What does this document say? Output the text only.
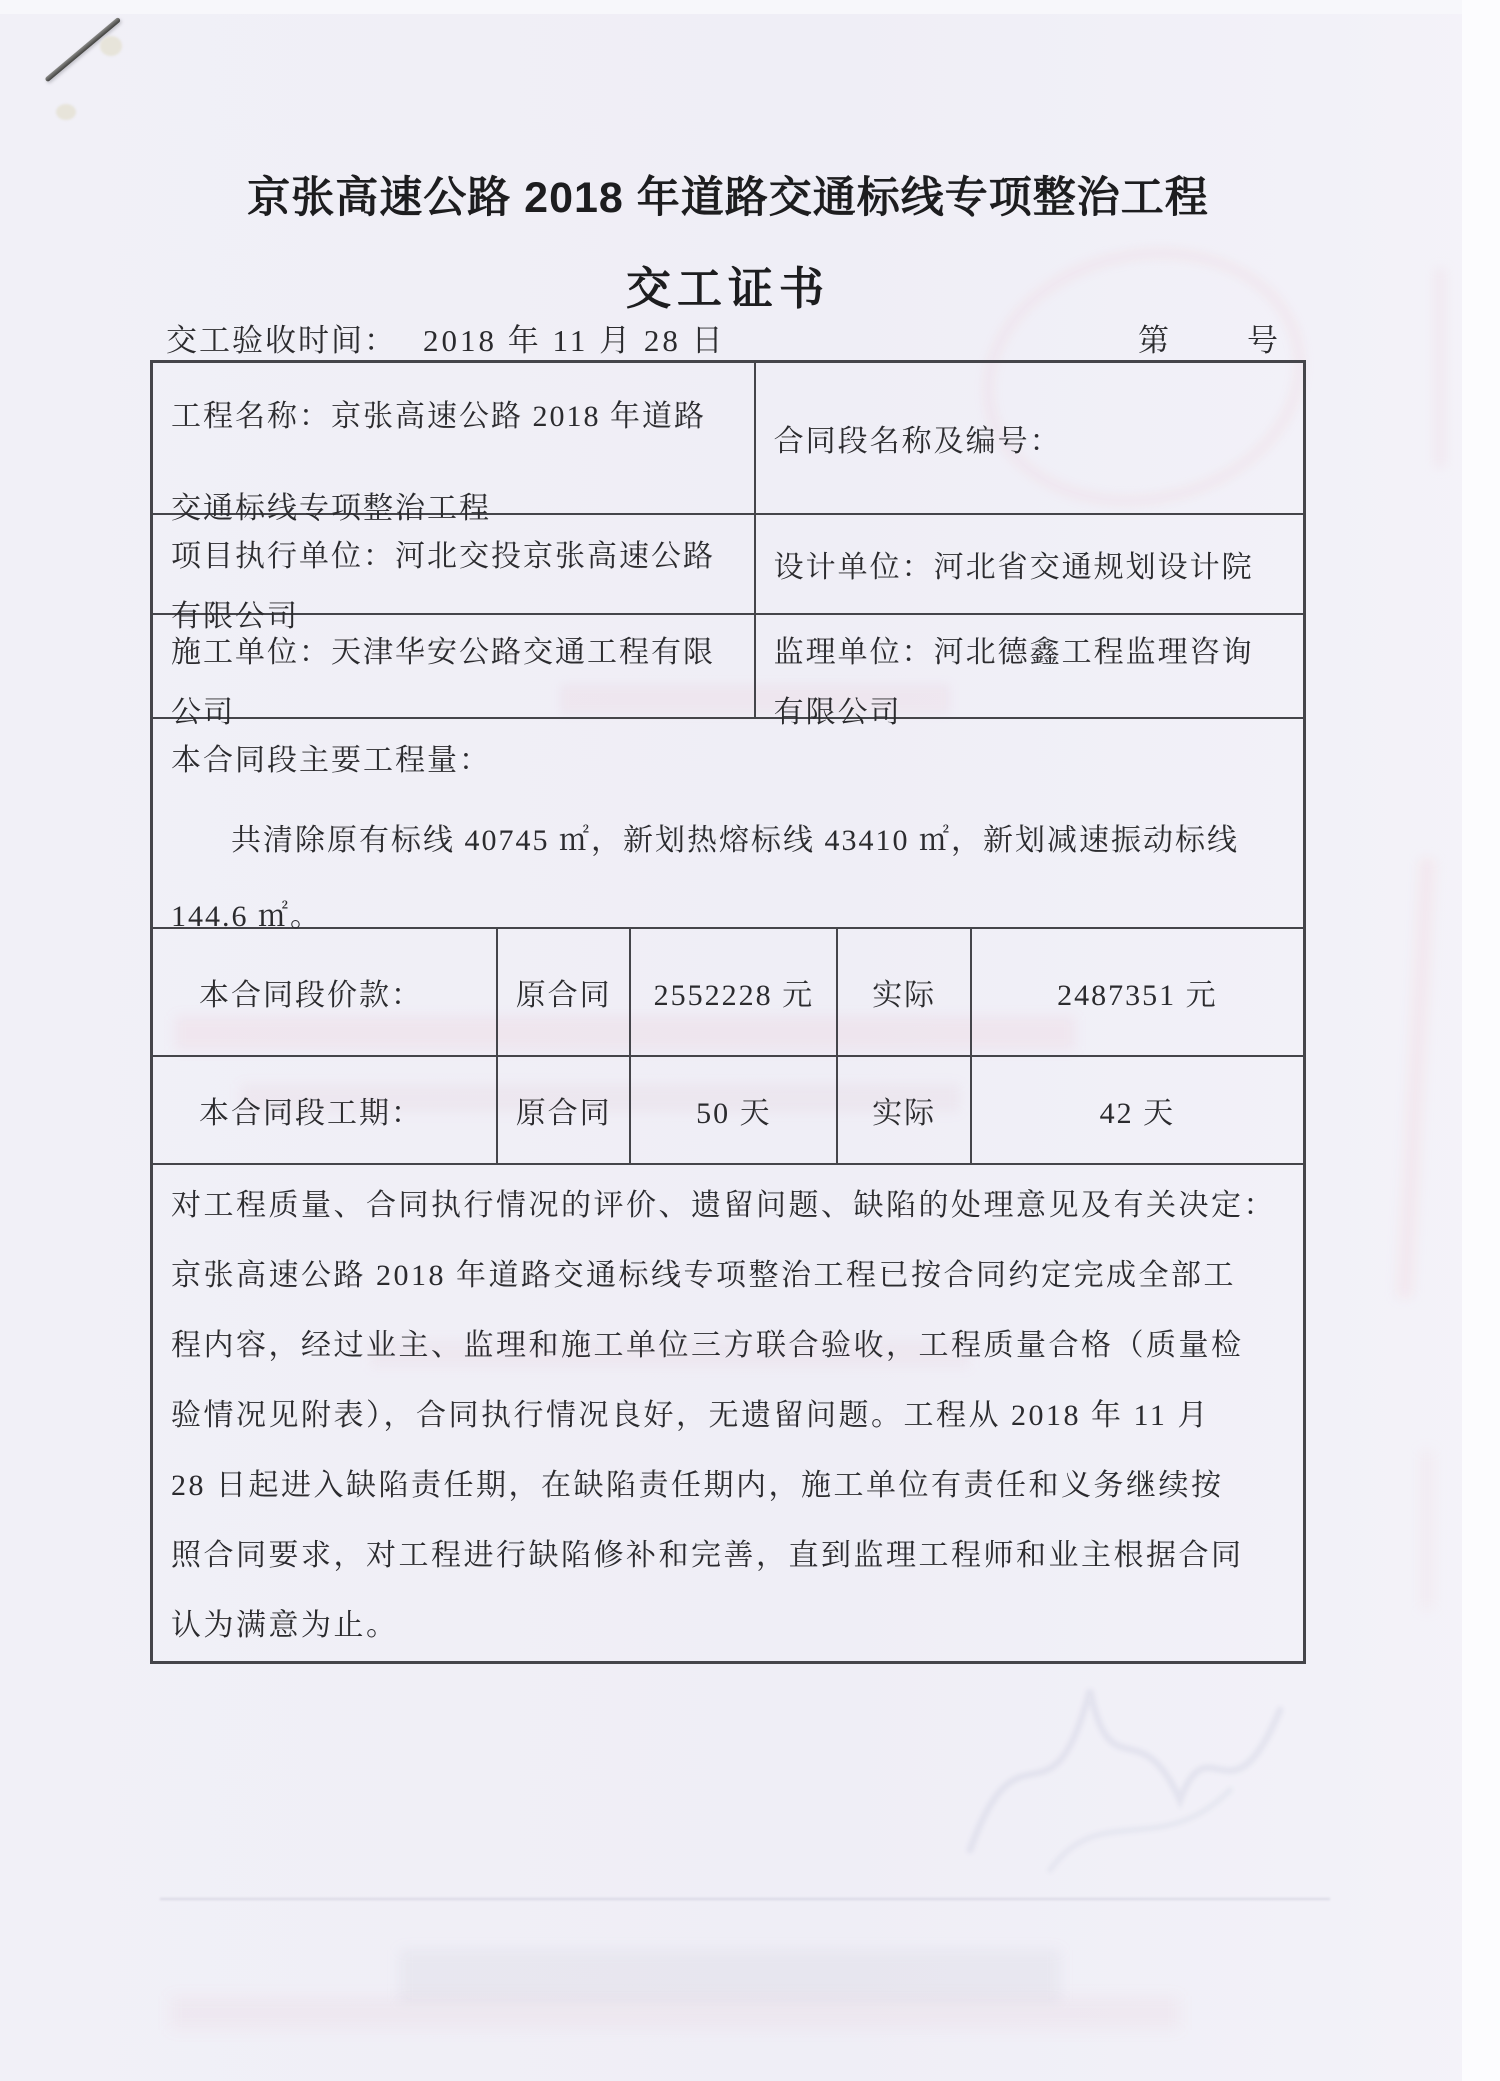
京张高速公路 2018 年道路交通标线专项整治工程
交工证书
交工验收时间： 2018 年 11 月 28 日	第 号
工程名称：京张高速公路 2018 年道路
交通标线专项整治工程
合同段名称及编号：
项目执行单位：河北交投京张高速公路
有限公司
设计单位：河北省交通规划设计院
施工单位：天津华安公路交通工程有限
公司
监理单位：河北德鑫工程监理咨询
有限公司
本合同段主要工程量：
共清除原有标线 40745 ㎡，新划热熔标线 43410 ㎡，新划减速振动标线
144.6 ㎡。
本合同段价款：	原合同	2552228 元	实际	2487351 元
本合同段工期：	原合同	50 天	实际	42 天
对工程质量、合同执行情况的评价、遗留问题、缺陷的处理意见及有关决定：
京张高速公路 2018 年道路交通标线专项整治工程已按合同约定完成全部工
程内容，经过业主、监理和施工单位三方联合验收，工程质量合格（质量检
验情况见附表），合同执行情况良好，无遗留问题。工程从 2018 年 11 月
28 日起进入缺陷责任期，在缺陷责任期内，施工单位有责任和义务继续按
照合同要求，对工程进行缺陷修补和完善，直到监理工程师和业主根据合同
认为满意为止。
